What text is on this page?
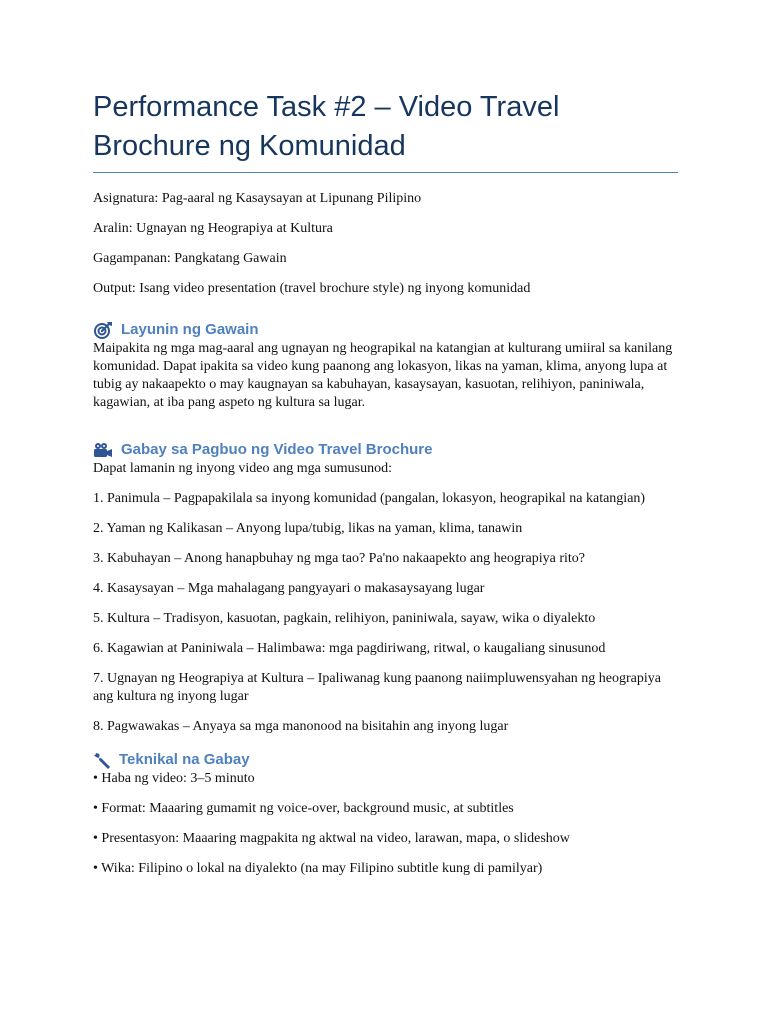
Performance Task #2 – Video Travel
Brochure ng Komunidad

Asignatura: Pag-aaral ng Kasaysayan at Lipunang Pilipino

Aralin: Ugnayan ng Heograpiya at Kultura

Gagampanan: Pangkatang Gawain

Output: Isang video presentation (travel brochure style) ng inyong komunidad

Layunin ng Gawain

Maipakita ng mga mag-aaral ang ugnayan ng heograpikal na katangian at kulturang umiiral sa kanilang komunidad. Dapat ipakita sa video kung paanong ang lokasyon, likas na yaman, klima, anyong lupa at tubig ay nakaapekto o may kaugnayan sa kabuhayan, kasaysayan, kasuotan, relihiyon, paniniwala, kagawian, at iba pang aspeto ng kultura sa lugar.

Gabay sa Pagbuo ng Video Travel Brochure

Dapat lamanin ng inyong video ang mga sumusunod:

1. Panimula – Pagpapakilala sa inyong komunidad (pangalan, lokasyon, heograpikal na katangian)

2. Yaman ng Kalikasan – Anyong lupa/tubig, likas na yaman, klima, tanawin

3. Kabuhayan – Anong hanapbuhay ng mga tao? Pa'no nakaapekto ang heograpiya rito?

4. Kasaysayan – Mga mahalagang pangyayari o makasaysayang lugar

5. Kultura – Tradisyon, kasuotan, pagkain, relihiyon, paniniwala, sayaw, wika o diyalekto

6. Kagawian at Paniniwala – Halimbawa: mga pagdiriwang, ritwal, o kaugaliang sinusunod

7. Ugnayan ng Heograpiya at Kultura – Ipaliwanag kung paanong naiimpluwensyahan ng heograpiya ang kultura ng inyong lugar

8. Pagwawakas – Anyaya sa mga manonood na bisitahin ang inyong lugar

Teknikal na Gabay

• Haba ng video: 3–5 minuto

• Format: Maaaring gumamit ng voice-over, background music, at subtitles

• Presentasyon: Maaaring magpakita ng aktwal na video, larawan, mapa, o slideshow

• Wika: Filipino o lokal na diyalekto (na may Filipino subtitle kung di pamilyar)
